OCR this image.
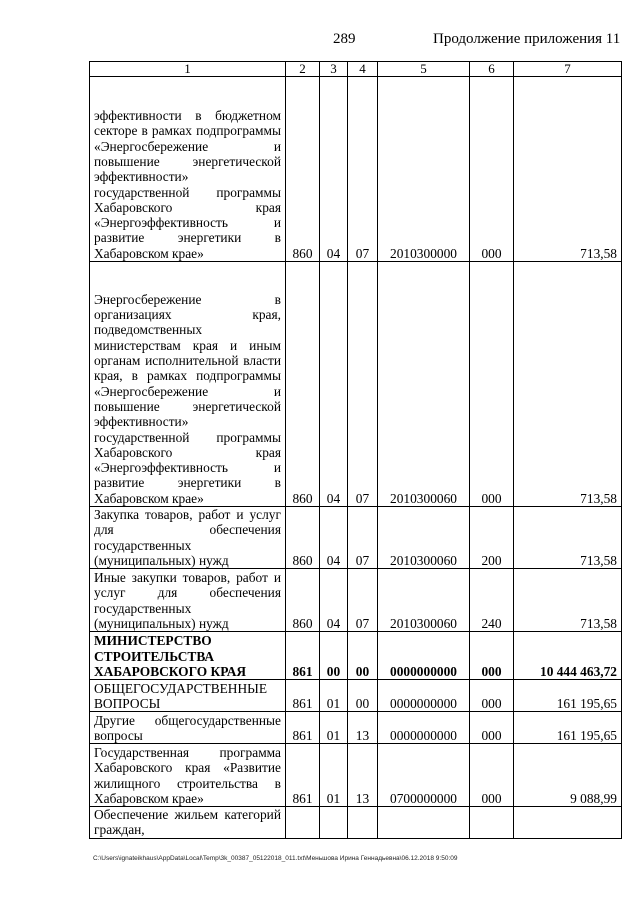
289	Продолжение приложения 11
1	2	3	4	5	6	7
эффективности в бюджетном секторе в рамках подпрограммы «Энергосбережение и повышение энергетической эффективности» государственной программы Хабаровского края «Энергоэффективность и развитие энергетики в Хабаровском крае»	860	04	07	2010300000	000	713,58
Энергосбережение в организациях края, подведомственных министерствам края и иным органам исполнительной власти края, в рамках подпрограммы «Энергосбережение и повышение энергетической эффективности» государственной программы Хабаровского края «Энергоэффективность и развитие энергетики в Хабаровском крае»	860	04	07	2010300060	000	713,58
Закупка товаров, работ и услуг для обеспечения государственных (муниципальных) нужд	860	04	07	2010300060	200	713,58
Иные закупки товаров, работ и услуг для обеспечения государственных (муниципальных) нужд	860	04	07	2010300060	240	713,58
МИНИСТЕРСТВО СТРОИТЕЛЬСТВА ХАБАРОВСКОГО КРАЯ	861	00	00	0000000000	000	10 444 463,72
ОБЩЕГОСУДАРСТВЕННЫЕ ВОПРОСЫ	861	01	00	0000000000	000	161 195,65
Другие общегосударственные вопросы	861	01	13	0000000000	000	161 195,65
Государственная программа Хабаровского края «Развитие жилищного строительства в Хабаровском крае»	861	01	13	0700000000	000	9 088,99
Обеспечение жильем категорий граждан,						
C:\Users\ignateikhaus\AppData\Local\Temp\3k_00387_05122018_011.txt\Меньшова Ирина Геннадьевна\06.12.2018 9:50:09
